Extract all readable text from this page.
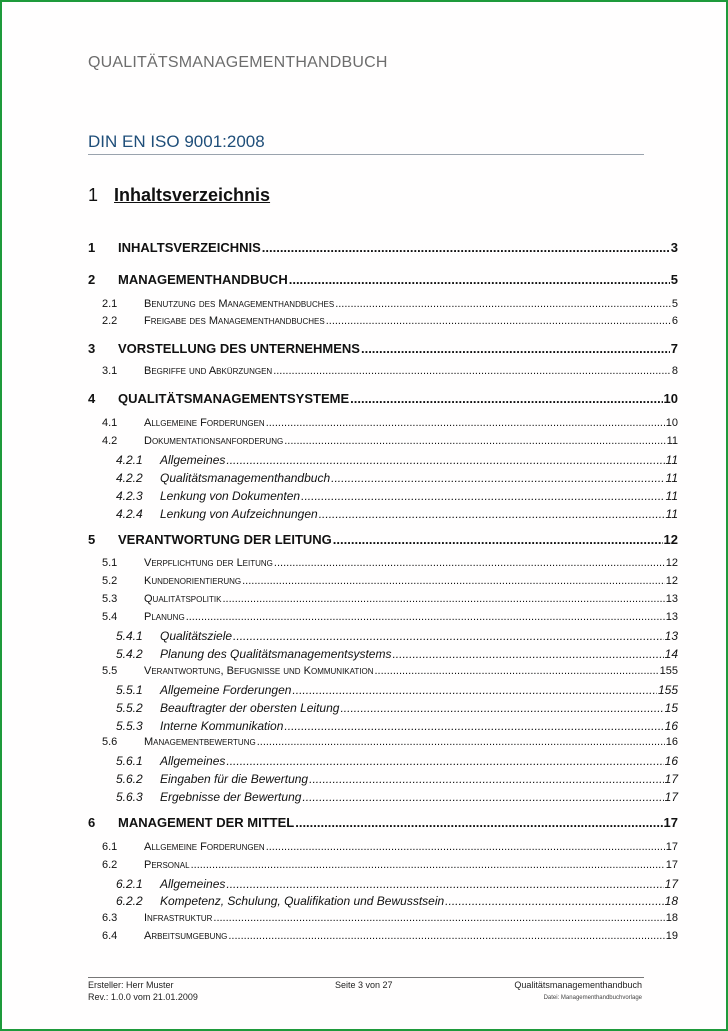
QUALITÄTSMANAGEMENTHANDBUCH
DIN EN ISO 9001:2008
1 Inhaltsverzeichnis
1	INHALTSVERZEICHNIS .....	3
2	MANAGEMENTHANDBUCH .....	5
2.1	Benutzung des Managementhandbuches .....	5
2.2	Freigabe des Managementhandbuches .....	6
3	VORSTELLUNG DES UNTERNEHMENS .....	7
3.1	Begriffe und Abkürzungen .....	8
4	QUALITÄTSMANAGEMENTSYSTEME .....	10
4.1	Allgemeine Forderungen .....	10
4.2	Dokumentationsanforderung .....	11
4.2.1	Allgemeines .....	11
4.2.2	Qualitätsmanagementhandbuch .....	11
4.2.3	Lenkung von Dokumenten .....	11
4.2.4	Lenkung von Aufzeichnungen .....	11
5	VERANTWORTUNG DER LEITUNG .....	12
5.1	Verpflichtung der Leitung .....	12
5.2	Kundenorientierung .....	12
5.3	Qualitätspolitik .....	13
5.4	Planung .....	13
5.4.1	Qualitätsziele .....	13
5.4.2	Planung des Qualitätsmanagementsystems .....	14
5.5	Verantwortung, Befugnisse und Kommunikation .....	155
5.5.1	Allgemeine Forderungen .....	155
5.5.2	Beauftragter der obersten Leitung .....	15
5.5.3	Interne Kommunikation .....	16
5.6	Managementbewertung .....	16
5.6.1	Allgemeines .....	16
5.6.2	Eingaben für die Bewertung .....	17
5.6.3	Ergebnisse der Bewertung .....	17
6	MANAGEMENT DER MITTEL .....	17
6.1	Allgemeine Forderungen .....	17
6.2	Personal .....	17
6.2.1	Allgemeines .....	17
6.2.2	Kompetenz, Schulung, Qualifikation und Bewusstsein .....	18
6.3	Infrastruktur .....	18
6.4	Arbeitsumgebung .....	19
Ersteller: Herr Muster
Rev.: 1.0.0 vom 21.01.2009
Seite 3 von 27	Qualitätsmanagementhandbuch
Datei: Managementhandbuchvorlage
